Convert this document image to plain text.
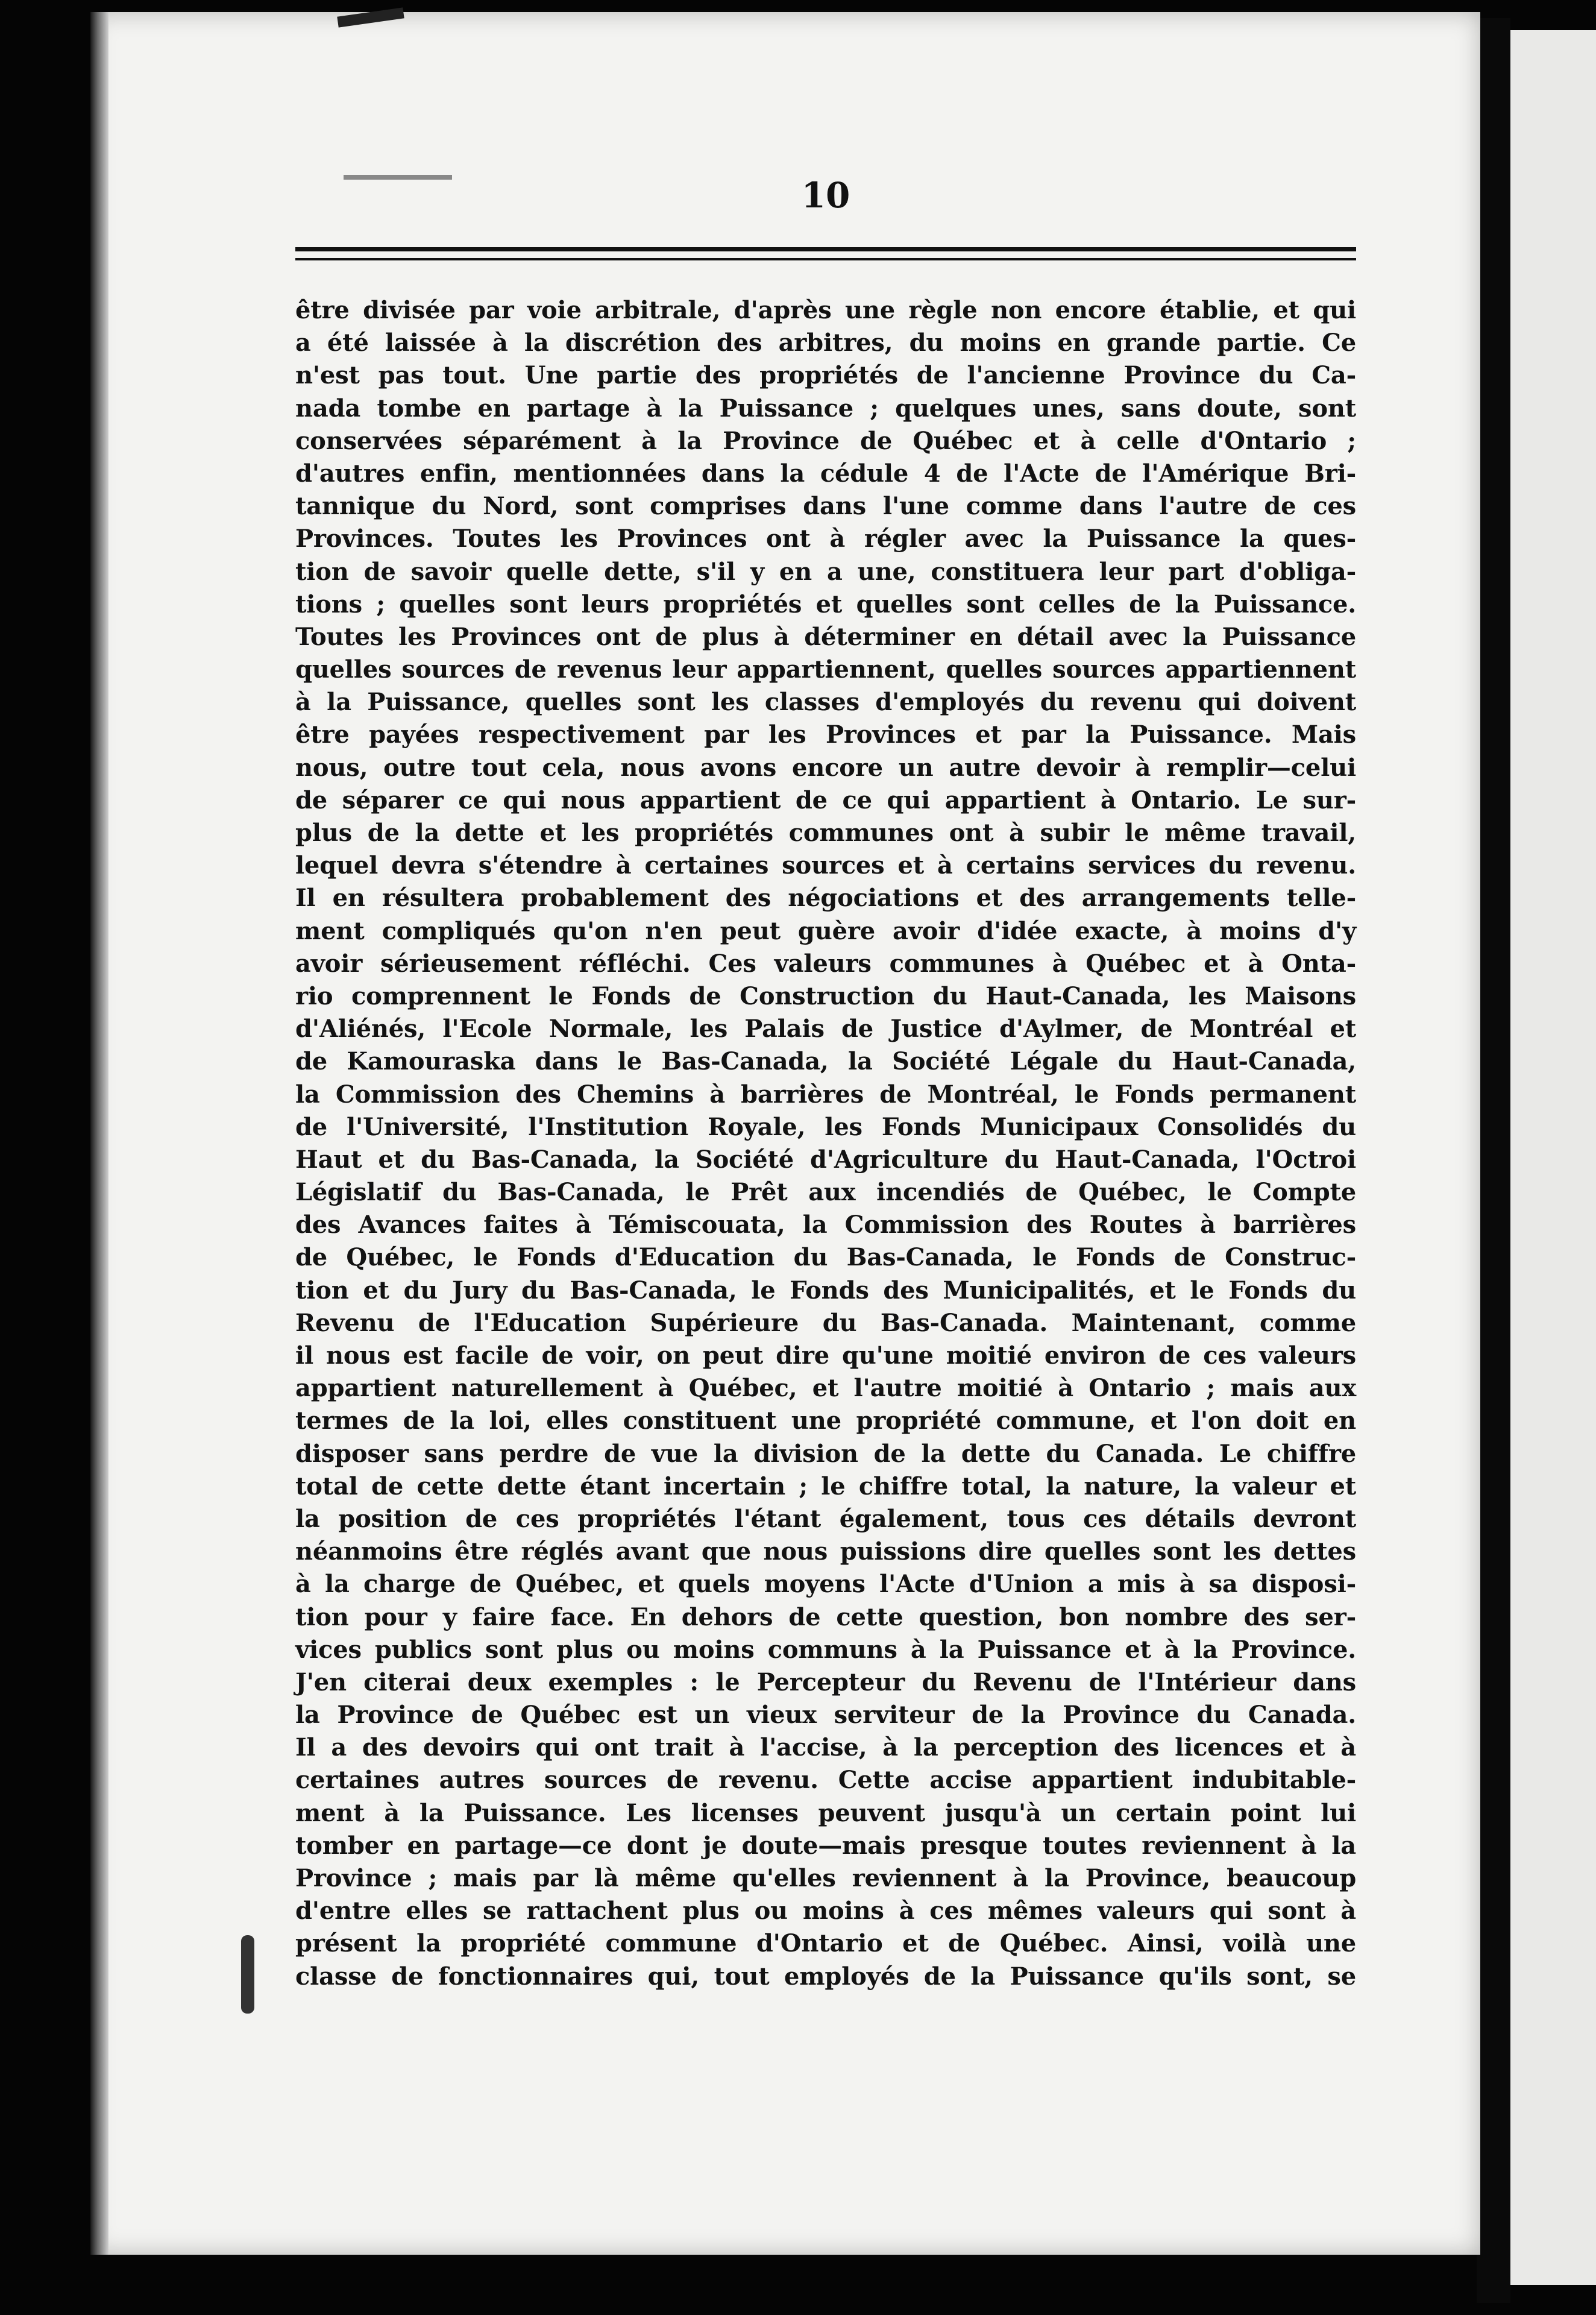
10
être divisée par voie arbitrale, d'après une règle non encore établie, et qui
a été laissée à la discrétion des arbitres, du moins en grande partie. Ce
n'est pas tout. Une partie des propriétés de l'ancienne Province du Ca-
nada tombe en partage à la Puissance ; quelques unes, sans doute, sont
conservées séparément à la Province de Québec et à celle d'Ontario ;
d'autres enfin, mentionnées dans la cédule 4 de l'Acte de l'Amérique Bri-
tannique du Nord, sont comprises dans l'une comme dans l'autre de ces
Provinces. Toutes les Provinces ont à régler avec la Puissance la ques-
tion de savoir quelle dette, s'il y en a une, constituera leur part d'obliga-
tions ; quelles sont leurs propriétés et quelles sont celles de la Puissance.
Toutes les Provinces ont de plus à déterminer en détail avec la Puissance
quelles sources de revenus leur appartiennent, quelles sources appartiennent
à la Puissance, quelles sont les classes d'employés du revenu qui doivent
être payées respectivement par les Provinces et par la Puissance. Mais
nous, outre tout cela, nous avons encore un autre devoir à remplir—celui
de séparer ce qui nous appartient de ce qui appartient à Ontario. Le sur-
plus de la dette et les propriétés communes ont à subir le même travail,
lequel devra s'étendre à certaines sources et à certains services du revenu.
Il en résultera probablement des négociations et des arrangements telle-
ment compliqués qu'on n'en peut guère avoir d'idée exacte, à moins d'y
avoir sérieusement réfléchi. Ces valeurs communes à Québec et à Onta-
rio comprennent le Fonds de Construction du Haut-Canada, les Maisons
d'Aliénés, l'Ecole Normale, les Palais de Justice d'Aylmer, de Montréal et
de Kamouraska dans le Bas-Canada, la Société Légale du Haut-Canada,
la Commission des Chemins à barrières de Montréal, le Fonds permanent
de l'Université, l'Institution Royale, les Fonds Municipaux Consolidés du
Haut et du Bas-Canada, la Société d'Agriculture du Haut-Canada, l'Octroi
Législatif du Bas-Canada, le Prêt aux incendiés de Québec, le Compte
des Avances faites à Témiscouata, la Commission des Routes à barrières
de Québec, le Fonds d'Education du Bas-Canada, le Fonds de Construc-
tion et du Jury du Bas-Canada, le Fonds des Municipalités, et le Fonds du
Revenu de l'Education Supérieure du Bas-Canada. Maintenant, comme
il nous est facile de voir, on peut dire qu'une moitié environ de ces valeurs
appartient naturellement à Québec, et l'autre moitié à Ontario ; mais aux
termes de la loi, elles constituent une propriété commune, et l'on doit en
disposer sans perdre de vue la division de la dette du Canada. Le chiffre
total de cette dette étant incertain ; le chiffre total, la nature, la valeur et
la position de ces propriétés l'étant également, tous ces détails devront
néanmoins être réglés avant que nous puissions dire quelles sont les dettes
à la charge de Québec, et quels moyens l'Acte d'Union a mis à sa disposi-
tion pour y faire face. En dehors de cette question, bon nombre des ser-
vices publics sont plus ou moins communs à la Puissance et à la Province.
J'en citerai deux exemples : le Percepteur du Revenu de l'Intérieur dans
la Province de Québec est un vieux serviteur de la Province du Canada.
Il a des devoirs qui ont trait à l'accise, à la perception des licences et à
certaines autres sources de revenu. Cette accise appartient indubitable-
ment à la Puissance. Les licenses peuvent jusqu'à un certain point lui
tomber en partage—ce dont je doute—mais presque toutes reviennent à la
Province ; mais par là même qu'elles reviennent à la Province, beaucoup
d'entre elles se rattachent plus ou moins à ces mêmes valeurs qui sont à
présent la propriété commune d'Ontario et de Québec. Ainsi, voilà une
classe de fonctionnaires qui, tout employés de la Puissance qu'ils sont, se
